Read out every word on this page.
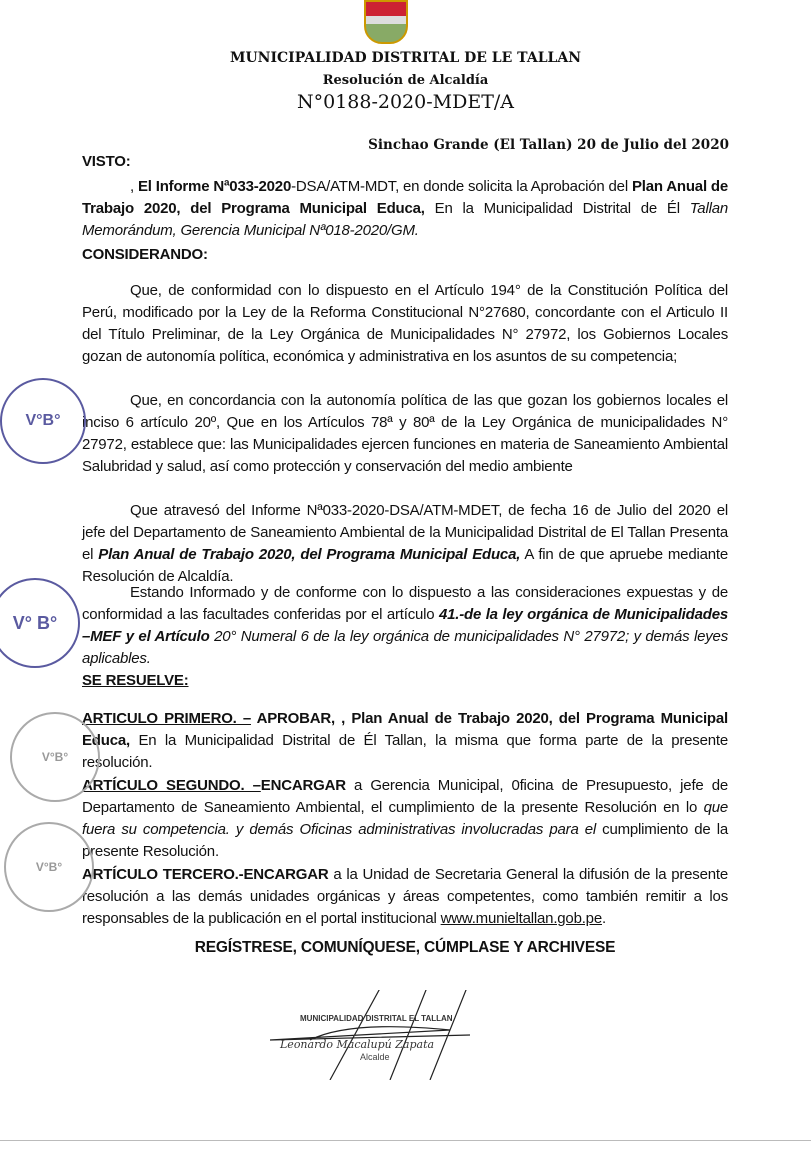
MUNICIPALIDAD DISTRITAL DE LE TALLAN
Resolución de Alcaldía
N°0188-2020-MDET/A
Sinchao Grande (El Tallan) 20 de Julio del 2020
VISTO:
, El Informe Nª033-2020-DSA/ATM-MDT, en donde solicita la Aprobación del Plan Anual de Trabajo 2020, del Programa Municipal Educa, En la Municipalidad Distrital de Él Tallan Memorándum, Gerencia Municipal Nª018-2020/GM.
CONSIDERANDO:
Que, de conformidad con lo dispuesto en el Artículo 194° de la Constitución Política del Perú, modificado por la Ley de la Reforma Constitucional N°27680, concordante con el Articulo II del Título Preliminar, de la Ley Orgánica de Municipalidades N° 27972, los Gobiernos Locales gozan de autonomía política, económica y administrativa en los asuntos de su competencia;
Que, en concordancia con la autonomía política de las que gozan los gobiernos locales el inciso 6 artículo 20º, Que en los Artículos 78ª y 80ª de la Ley Orgánica de municipalidades N° 27972, establece que: las Municipalidades ejercen funciones en materia de Saneamiento Ambiental Salubridad y salud, así como protección y conservación del medio ambiente
Que atravesó del Informe Nª033-2020-DSA/ATM-MDET, de fecha 16 de Julio del 2020 el jefe del Departamento de Saneamiento Ambiental de la Municipalidad Distrital de El Tallan Presenta el Plan Anual de Trabajo 2020, del Programa Municipal Educa, A fin de que apruebe mediante Resolución de Alcaldía.
Estando Informado y de conforme con lo dispuesto a las consideraciones expuestas y de conformidad a las facultades conferidas por el artículo 41.-de la ley orgánica de Municipalidades –MEF y el Artículo 20° Numeral 6 de la ley orgánica de municipalidades N° 27972; y demás leyes aplicables.
SE RESUELVE:
ARTICULO PRIMERO. – APROBAR, , Plan Anual de Trabajo 2020, del Programa Municipal Educa, En la Municipalidad Distrital de Él Tallan, la misma que forma parte de la presente resolución.
ARTÍCULO SEGUNDO. –ENCARGAR a Gerencia Municipal, 0ficina de Presupuesto, jefe de Departamento de Saneamiento Ambiental, el cumplimiento de la presente Resolución en lo que fuera su competencia. y demás Oficinas administrativas involucradas para el cumplimiento de la presente Resolución.
ARTÍCULO TERCERO.-ENCARGAR a la Unidad de Secretaria General la difusión de la presente resolución a las demás unidades orgánicas y áreas competentes, como también remitir a los responsables de la publicación en el portal institucional www.munieltallan.gob.pe.
REGÍSTRESE, COMUNÍQUESE, CÚMPLASE Y ARCHIVESE
MUNICIPALIDAD DISTRITAL EL TALLAN
Leonardo Macalupú Zapata
Alcalde
V°B°
V° B°
V°B°
V°B°
